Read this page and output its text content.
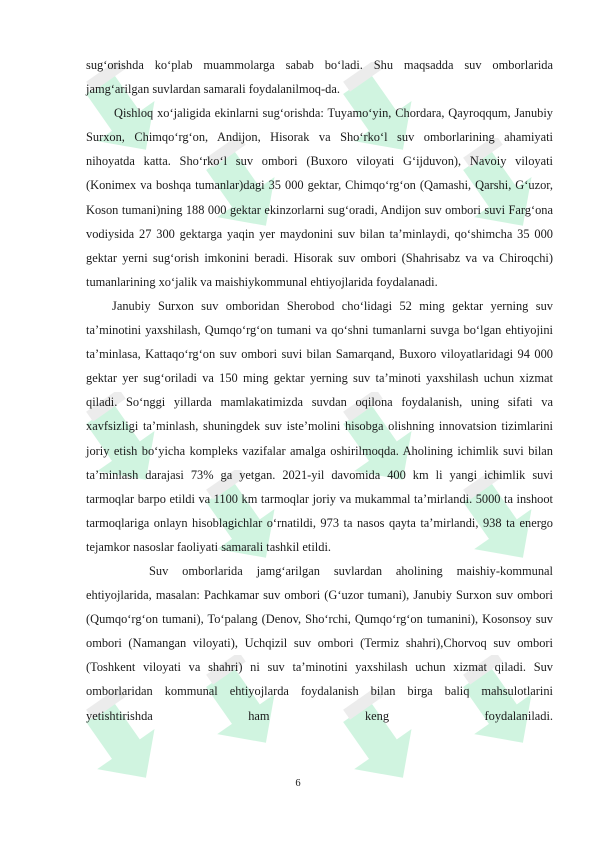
sug‘orishda ko‘plab muammolarga sabab bo‘ladi. Shu maqsadda suv omborlarida jamg‘arilgan suvlardan samarali foydalanilmoq-da.

Qishloq xo‘jaligida ekinlarni sug‘orishda: Tuyamo‘yin, Chordara, Qayroqqum, Janubiy Surxon, Chimqo‘rg‘on, Andijon, Hisorak va Sho‘rko‘l suv omborlarining ahamiyati nihoyatda katta. Sho‘rko‘l suv ombori (Buxoro viloyati G‘ijduvon), Navoiy viloyati (Konimex va boshqa tumanlar)dagi 35 000 gektar, Chimqo‘rg‘on (Qamashi, Qarshi, G‘uzor, Koson tumani)ning 188 000 gektar ekinzorlarni sug‘oradi, Andijon suv ombori suvi Farg‘ona vodiysida 27 300 gektarga yaqin yer maydonini suv bilan ta’minlaydi, qo‘shimcha 35 000 gektar yerni sug‘orish imkonini beradi. Hisorak suv ombori (Shahrisabz va va Chiroqchi) tumanlarining xo‘jalik va maishiykommunal ehtiyojlarida foydalanadi.

Janubiy Surxon suv omboridan Sherobod cho‘lidagi 52 ming gektar yerning suv ta’minotini yaxshilash, Qumqo‘rg‘on tumani va qo‘shni tumanlarni suvga bo‘lgan ehtiyojini ta’minlasa, Kattaqo‘rg‘on suv ombori suvi bilan Samarqand, Buxoro viloyatlaridagi 94 000 gektar yer sug‘oriladi va 150 ming gektar yerning suv ta’minoti yaxshilash uchun xizmat qiladi. So‘nggi yillarda mamlakatimizda suvdan oqilona foydalanish, uning sifati va xavfsizligi ta’minlash, shuningdek suv iste’molini hisobga olishning innovatsion tizimlarini joriy etish bo‘yicha kompleks vazifalar amalga oshirilmoqda. Aholining ichimlik suvi bilan ta’minlash darajasi 73% ga yetgan. 2021-yil davomida 400 km li yangi ichimlik suvi tarmoqlar barpo etildi va 1100 km tarmoqlar joriy va mukammal ta’mirlandi. 5000 ta inshoot tarmoqlariga onlayn hisoblagichlar o‘rnatildi, 973 ta nasos qayta ta’mirlandi, 938 ta energo tejamkor nasoslar faoliyati samarali tashkil etildi.

Suv omborlarida jamg‘arilgan suvlardan aholining maishiy-kommunal ehtiyojlarida, masalan: Pachkamar suv ombori (G‘uzor tumani), Janubiy Surxon suv ombori (Qumqo‘rg‘on tumani), To‘palang (Denov, Sho‘rchi, Qumqo‘rg‘on tumanini), Kosonsoy suv ombori (Namangan viloyati), Uchqizil suv ombori (Termiz shahri),Chorvoq suv ombori (Toshkent viloyati va shahri) ni suv ta’minotini yaxshilash uchun xizmat qiladi. Suv omborlaridan kommunal ehtiyojlarda foydalanish bilan birga baliq mahsulotlarini yetishtirishda ham keng foydalaniladi.

6
